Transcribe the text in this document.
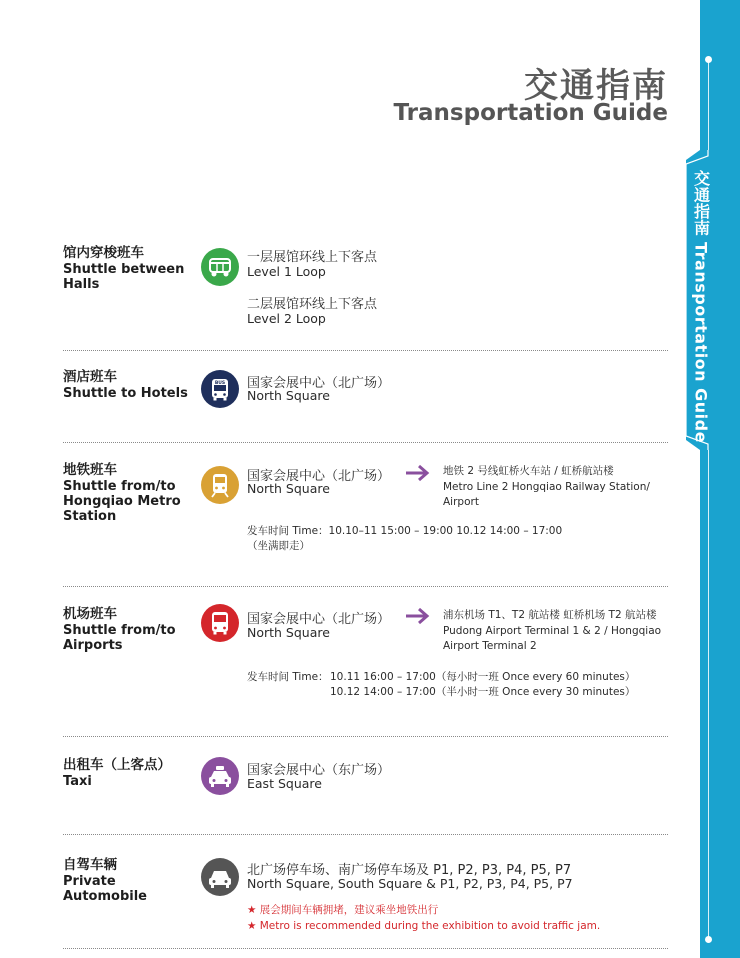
交通指南
Transportation Guide
交通指南
Transportation Guide
馆内穿梭班车
Shuttle between Halls
一层展馆环线上下客点
Level 1 Loop
二层展馆环线上下客点
Level 2 Loop
酒店班车
Shuttle to Hotels
BUS 国家会展中心（北广场）
North Square
地铁班车
Shuttle from/to Hongqiao Metro Station
国家会展中心（北广场）
North Square
地铁 2 号线虹桥火车站 / 虹桥航站楼
Metro Line 2 Hongqiao Railway Station/
Airport
发车时间 Time：10.10–11 15:00 – 19:00 10.12 14:00 – 17:00
（坐满即走）
机场班车
Shuttle from/to Airports
国家会展中心（北广场）
North Square
浦东机场 T1、T2 航站楼 虹桥机场 T2 航站楼
Pudong Airport Terminal 1 & 2 / Hongqiao
Airport Terminal 2
发车时间 Time： 10.11 16:00 – 17:00（每小时一班 Once every 60 minutes）
10.12 14:00 – 17:00（半小时一班 Once every 30 minutes）
出租车（上客点）
Taxi
国家会展中心（东广场）
East Square
自驾车辆
Private Automobile
北广场停车场、南广场停车场及 P1, P2, P3, P4, P5, P7
North Square, South Square & P1, P2, P3, P4, P5, P7
★ 展会期间车辆拥堵，建议乘坐地铁出行
★ Metro is recommended during the exhibition to avoid traffic jam.
